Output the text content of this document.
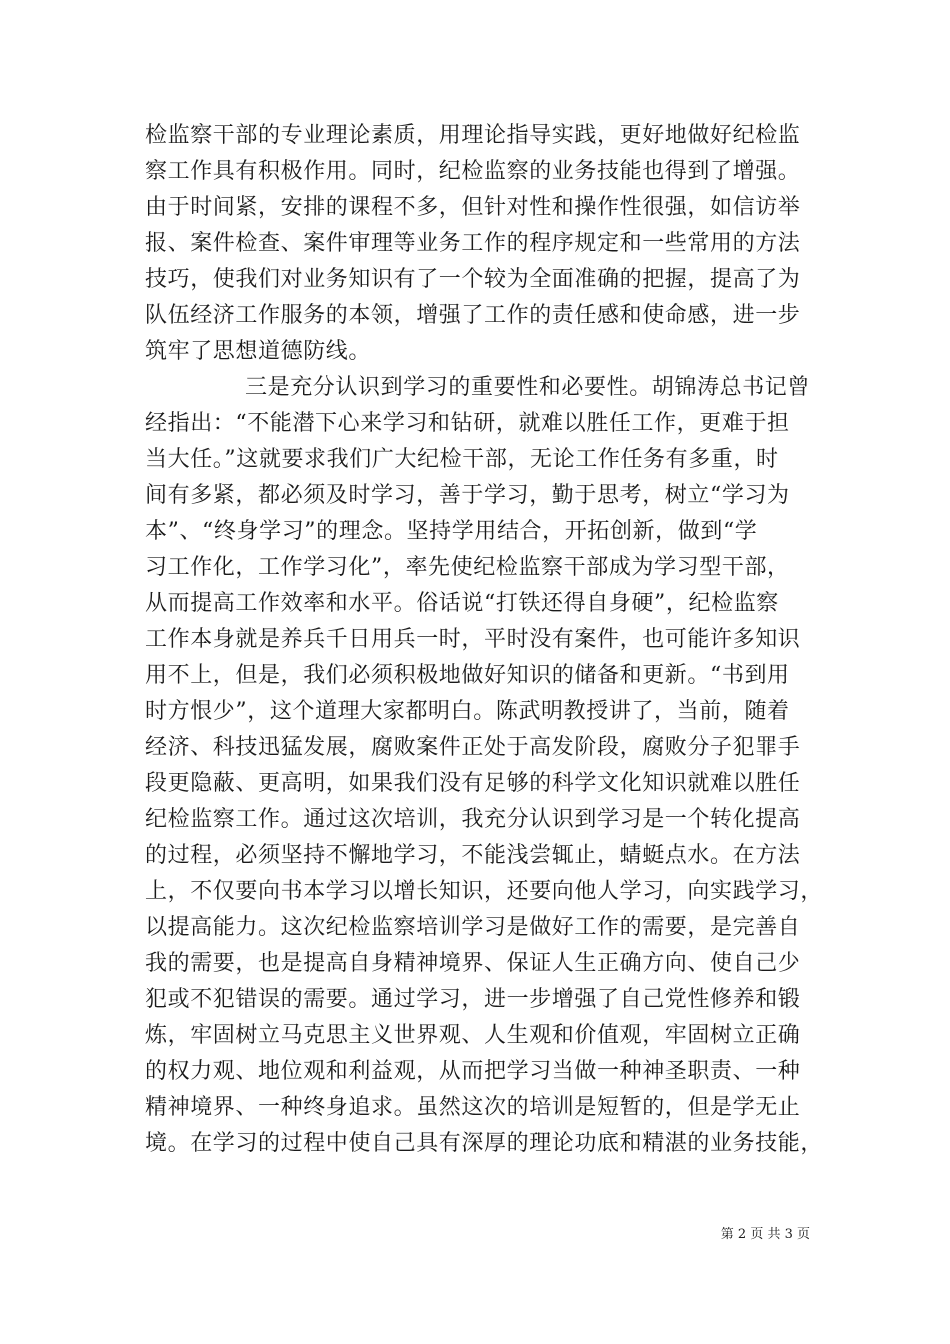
检监察干部的专业理论素质，用理论指导实践，更好地做好纪检监
察工作具有积极作用。同时，纪检监察的业务技能也得到了增强。
由于时间紧，安排的课程不多，但针对性和操作性很强，如信访举
报、案件检查、案件审理等业务工作的程序规定和一些常用的方法
技巧，使我们对业务知识有了一个较为全面准确的把握，提高了为
队伍经济工作服务的本领，增强了工作的责任感和使命感，进一步
筑牢了思想道德防线。
三是充分认识到学习的重要性和必要性。胡锦涛总书记曾
经指出：“不能潜下心来学习和钻研，就难以胜任工作，更难于担
当大任。”这就要求我们广大纪检干部，无论工作任务有多重，时
间有多紧，都必须及时学习，善于学习，勤于思考，树立“学习为
本”、“终身学习”的理念。坚持学用结合，开拓创新，做到“学
习工作化，工作学习化”，率先使纪检监察干部成为学习型干部，
从而提高工作效率和水平。俗话说“打铁还得自身硬”，纪检监察
工作本身就是养兵千日用兵一时，平时没有案件，也可能许多知识
用不上，但是，我们必须积极地做好知识的储备和更新。“书到用
时方恨少”，这个道理大家都明白。陈武明教授讲了，当前，随着
经济、科技迅猛发展，腐败案件正处于高发阶段，腐败分子犯罪手
段更隐蔽、更高明，如果我们没有足够的科学文化知识就难以胜任
纪检监察工作。通过这次培训，我充分认识到学习是一个转化提高
的过程，必须坚持不懈地学习，不能浅尝辄止，蜻蜓点水。在方法
上，不仅要向书本学习以增长知识，还要向他人学习，向实践学习，
以提高能力。这次纪检监察培训学习是做好工作的需要，是完善自
我的需要，也是提高自身精神境界、保证人生正确方向、使自己少
犯或不犯错误的需要。通过学习，进一步增强了自己党性修养和锻
炼，牢固树立马克思主义世界观、人生观和价值观，牢固树立正确
的权力观、地位观和利益观，从而把学习当做一种神圣职责、一种
精神境界、一种终身追求。虽然这次的培训是短暂的，但是学无止
境。在学习的过程中使自己具有深厚的理论功底和精湛的业务技能，
第 2 页 共 3 页
